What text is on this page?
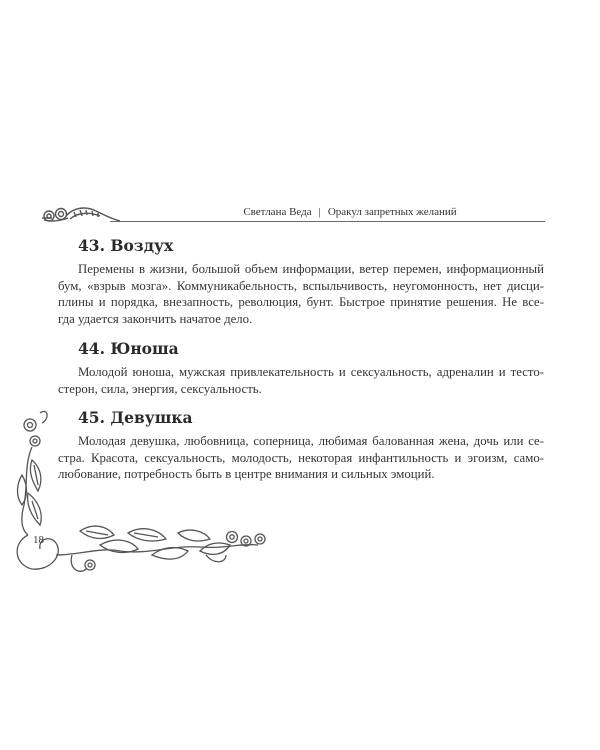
Светлана Веда | Оракул запретных желаний
43. Воздух

Перемены в жизни, большой объем информации, ветер перемен, информационный
бум, «взрыв мозга». Коммуникабельность, вспыльчивость, неугомонность, нет дисци-
плины и порядка, внезапность, революция, бунт. Быстрое принятие решения. Не все-
гда удается закончить начатое дело.

44. Юноша

Молодой юноша, мужская привлекательность и сексуальность, адреналин и тесто-
стерон, сила, энергия, сексуальность.

45. Девушка

Молодая девушка, любовница, соперница, любимая балованная жена, дочь или се-
стра. Красота, сексуальность, молодость, некоторая инфантильность и эгоизм, само-
любование, потребность быть в центре внимания и сильных эмоций.

18
